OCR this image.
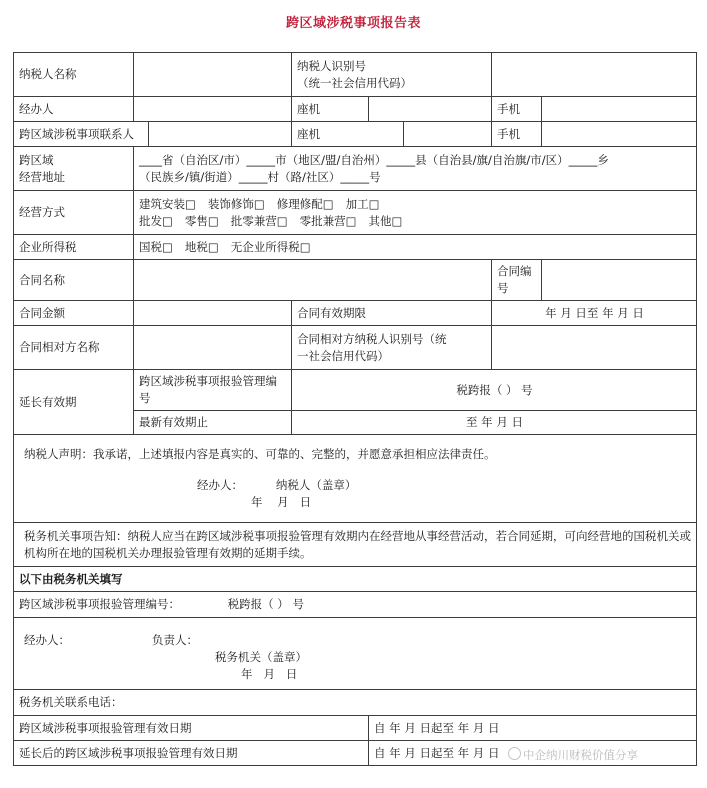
跨区域涉税事项报告表
纳税人名称			纳税人识别号
（统一社会信用代码）				

经办人			座机			手机	
跨区域涉税事项联系人			座机			手机	

跨区域
经营地址	____省（自治区/市）_____市（地区/盟/自治州）_____县（自治县/旗/自治旗/市/区）_____乡
（民族乡/镇/街道）_____村（路/社区）_____号						

经营方式	建筑安装□ 装饰修饰□ 修理修配□ 加工□
批发□ 零售□ 批零兼营□ 零批兼营□ 其他□						

企业所得税	国税□ 地税□ 无企业所得税□						
合同名称						合同编号	
合同金额			合同有效期限			年 月 日至 年 月 日	
合同相对方名称			合同相对方纳税人识别号（统
一社会信用代码）				

延长有效期	跨区域涉税事项报验管理编号		税跨报（ ） 号				
	最新有效期止		至 年 月 日				

纳税人声明：我承诺，上述填报内容是真实的、可靠的、完整的，并愿意承担相应法律责任。
经办人：         纳税人（盖章）
年    月   日							

税务机关事项告知：纳税人应当在跨区域涉税事项报验管理有效期内在经营地从事经营活动，若合同延期，可向经营地的国税机关或机构所在地的国税机关办理报验管理有效期的延期手续。							

以下由税务机关填写							
跨区域涉税事项报验管理编号： 税跨报（ ） 号							

经办人： 负责人：
税务机关（盖章）
年   月   日							

税务机关联系电话：							
跨区域涉税事项报验管理有效日期				自 年 月 日起至 年 月 日			
延长后的跨区域涉税事项报验管理有效日期				自 年 月 日起至 年 月 日				中企纳川财税价值分享
